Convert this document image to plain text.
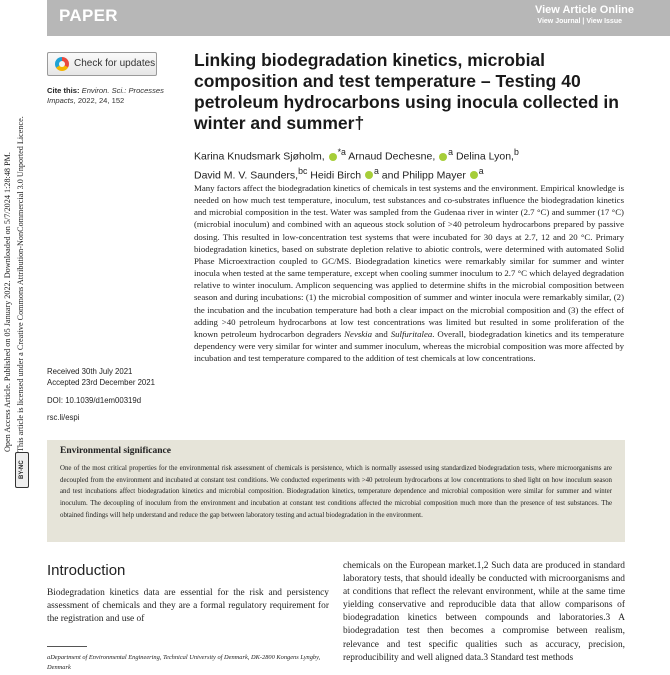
PAPER	View Article Online
View Journal | View Issue
Open Access Article. Published on 05 January 2022. Downloaded on 5/7/2024 1:28:48 PM. This article is licensed under a Creative Commons Attribution-NonCommercial 3.0 Unported Licence.
BY-NC
Check for updates
Cite this: Environ. Sci.: Processes Impacts, 2022, 24, 152
Linking biodegradation kinetics, microbial composition and test temperature – Testing 40 petroleum hydrocarbons using inocula collected in winter and summer†
Karina Knudsmark Sjøholm, $^{*a}$ Arnaud Dechesne, $^a$ Delina Lyon,$^b$
David M. V. Saunders,$^{bc}$ Heidi Birch $^a$ and Philipp Mayer $^a$
Many factors affect the biodegradation kinetics of chemicals in test systems and the environment. Empirical knowledge is needed on how much test temperature, inoculum, test substances and co-substrates influence the biodegradation kinetics and microbial composition in the test. Water was sampled from the Gudenaa river in winter (2.7 °C) and summer (17 °C) (microbial inoculum) and combined with an aqueous stock solution of >40 petroleum hydrocarbons prepared by passive dosing. This resulted in low-concentration test systems that were incubated for 30 days at 2.7, 12 and 20 °C. Primary biodegradation kinetics, based on substrate depletion relative to abiotic controls, were determined with automated Solid Phase Microextraction coupled to GC/MS. Biodegradation kinetics were remarkably similar for summer and winter inocula when tested at the same temperature, except when cooling summer inoculum to 2.7 °C which delayed degradation relative to winter inoculum. Amplicon sequencing was applied to determine shifts in the microbial composition between season and during incubations: (1) the microbial composition of summer and winter inocula were remarkably similar, (2) the incubation and the incubation temperature had both a clear impact on the microbial composition and (3) the effect of adding >40 petroleum hydrocarbons at low test concentrations was limited but resulted in some proliferation of the known petroleum hydrocarbon degraders Nevskia and Sulfuritalea. Overall, biodegradation kinetics and its temperature dependency were very similar for winter and summer inoculum, whereas the microbial composition was more affected by incubation and test temperature compared to the addition of test chemicals at low concentrations.
Received 30th July 2021
Accepted 23rd December 2021
DOI: 10.1039/d1em00319d
rsc.li/espi
Environmental significance
One of the most critical properties for the environmental risk assessment of chemicals is persistence, which is normally assessed using standardized biodegradation tests, where microorganisms are decoupled from the environment and incubated at constant test conditions. We conducted experiments with >40 petroleum hydrocarbons at low concentrations to shed light on how inoculum season and test incubations affect biodegradation kinetics and microbial composition. Biodegradation kinetics, temperature dependence and microbial composition were similar for summer and winter inoculum. The decoupling of inoculum from the environment and incubation at constant test conditions affected the microbial composition much more than the presence of test substances. The obtained findings will help understand and reduce the gap between laboratory testing and actual biodegradation in the environment.
Introduction
Biodegradation kinetics data are essential for the risk and persistency assessment of chemicals and they are a formal regulatory requirement for the registration and use of
aDepartment of Environmental Engineering, Technical University of Denmark, DK-2800 Kongens Lyngby, Denmark
chemicals on the European market.1,2 Such data are produced in standard laboratory tests, that should ideally be conducted with microorganisms and at conditions that reflect the relevant environment, while at the same time yielding conservative and reproducible data that allow comparisons of biodegradation kinetics between compounds and laboratories.3 A biodegradation test then becomes a compromise between realism, relevance and test specific qualities such as accuracy, precision, reproducibility and well aligned data.3 Standard test methods
